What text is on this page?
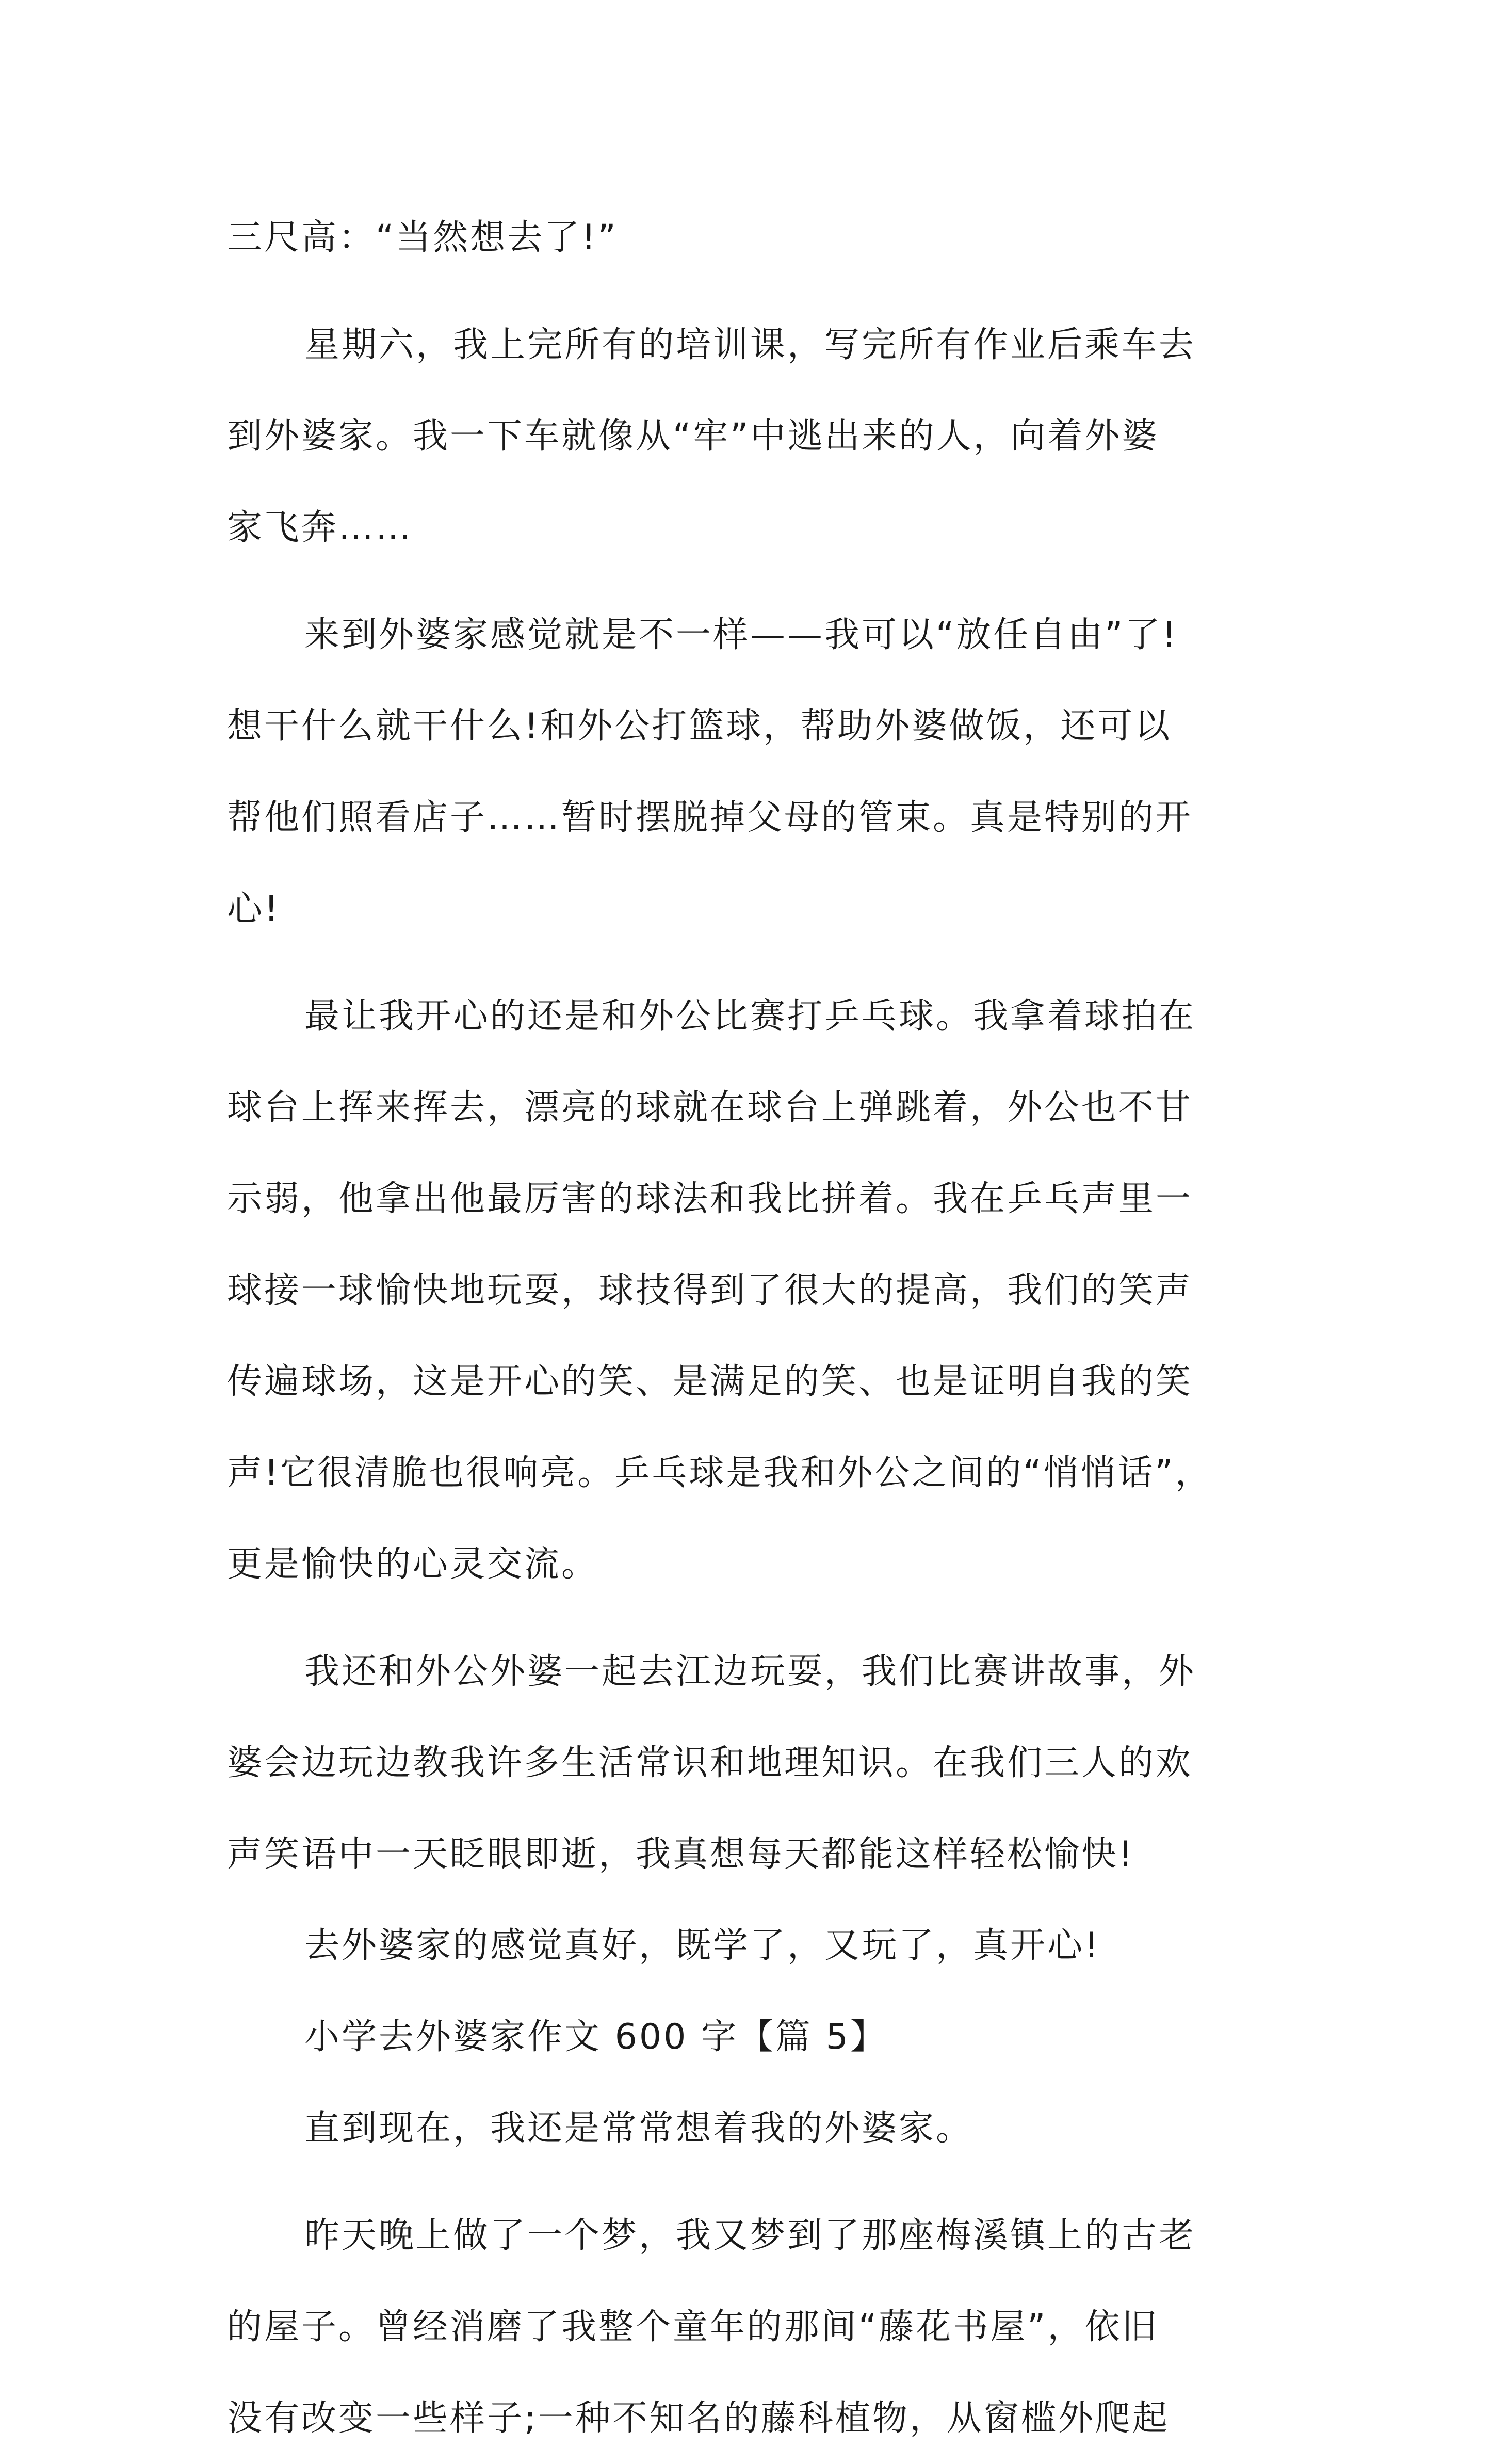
三尺高：“当然想去了!”
星期六，我上完所有的培训课，写完所有作业后乘车去
到外婆家。我一下车就像从“牢”中逃出来的人，向着外婆
家飞奔……
来到外婆家感觉就是不一样——我可以“放任自由”了!
想干什么就干什么!和外公打篮球，帮助外婆做饭，还可以
帮他们照看店子……暂时摆脱掉父母的管束。真是特别的开
心!
最让我开心的还是和外公比赛打乒乓球。我拿着球拍在
球台上挥来挥去，漂亮的球就在球台上弹跳着，外公也不甘
示弱，他拿出他最厉害的球法和我比拼着。我在乒乓声里一
球接一球愉快地玩耍，球技得到了很大的提高，我们的笑声
传遍球场，这是开心的笑、是满足的笑、也是证明自我的笑
声!它很清脆也很响亮。乒乓球是我和外公之间的“悄悄话”，
更是愉快的心灵交流。
我还和外公外婆一起去江边玩耍，我们比赛讲故事，外
婆会边玩边教我许多生活常识和地理知识。在我们三人的欢
声笑语中一天眨眼即逝，我真想每天都能这样轻松愉快!
去外婆家的感觉真好，既学了，又玩了，真开心!
小学去外婆家作文 600 字【篇 5】
直到现在，我还是常常想着我的外婆家。
昨天晚上做了一个梦，我又梦到了那座梅溪镇上的古老
的屋子。曾经消磨了我整个童年的那间“藤花书屋”，依旧
没有改变一些样子;一种不知名的藤科植物，从窗槛外爬起
